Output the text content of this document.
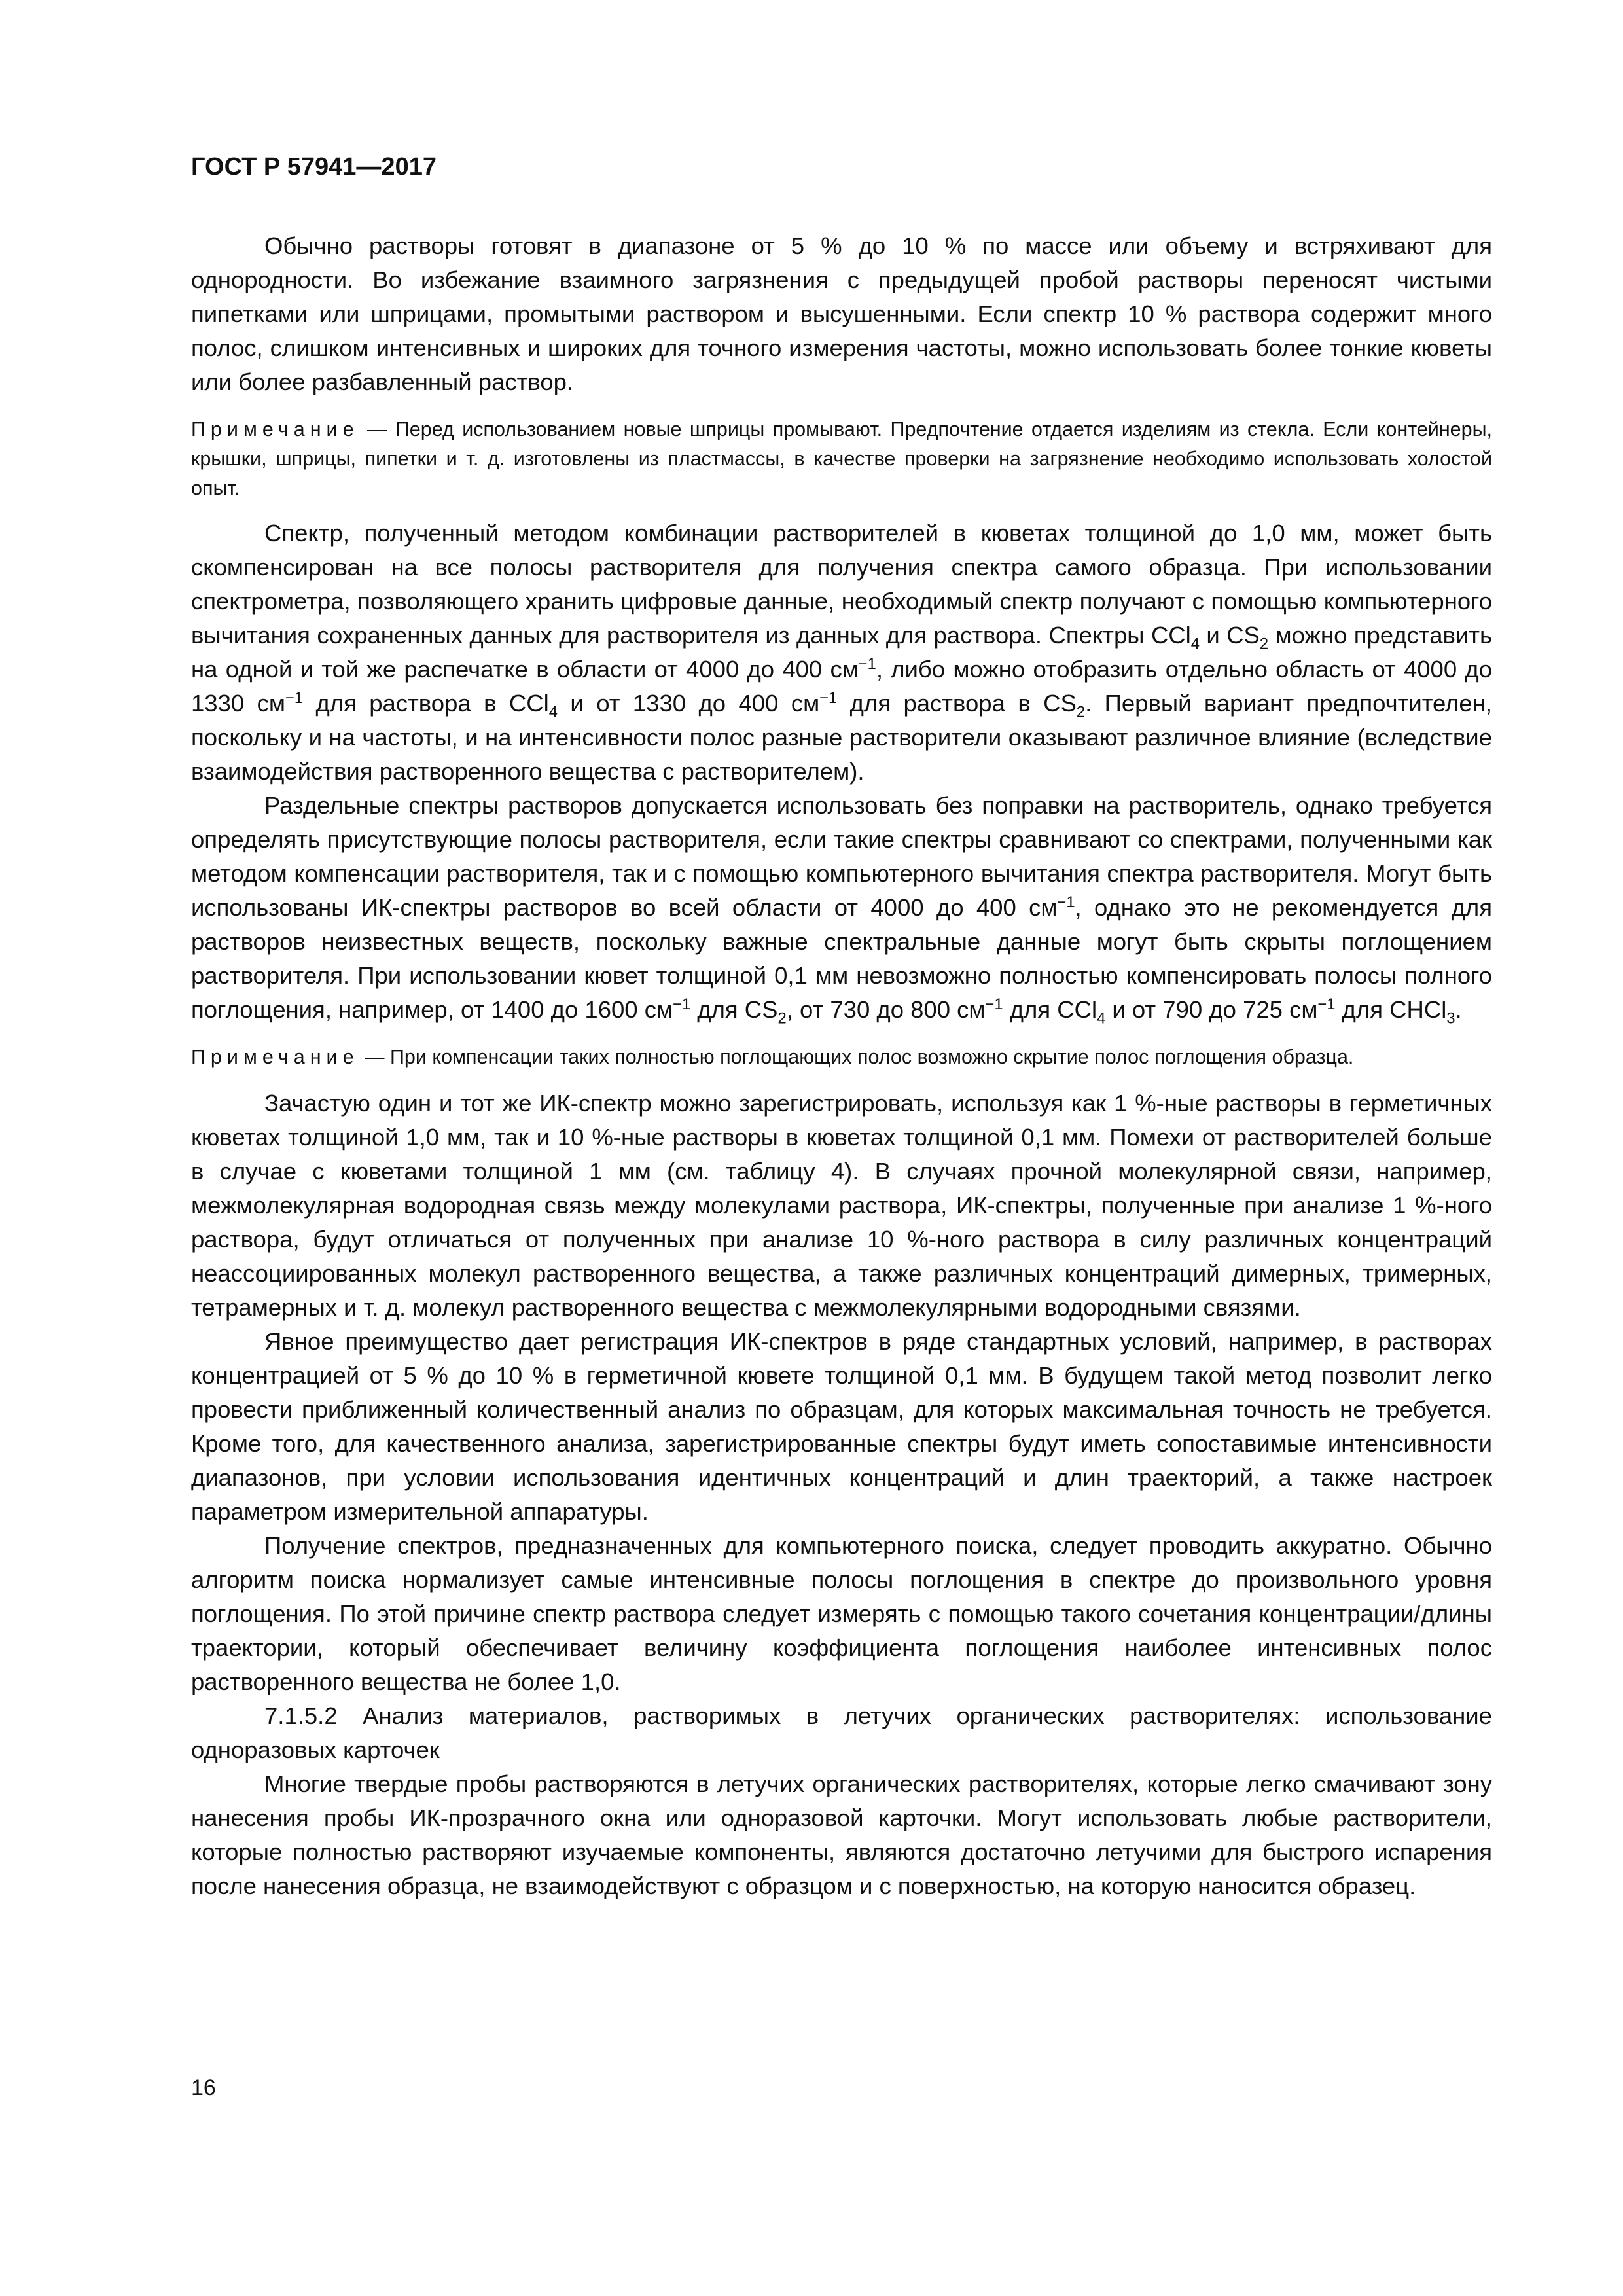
ГОСТ Р 57941—2017

Обычно растворы готовят в диапазоне от 5 % до 10 % по массе или объему и встряхивают для однородности. Во избежание взаимного загрязнения с предыдущей пробой растворы переносят чистыми пипетками или шприцами, промытыми раствором и высушенными. Если спектр 10 % раствора содержит много полос, слишком интенсивных и широких для точного измерения частоты, можно использовать более тонкие кюветы или более разбавленный раствор.

Примечание — Перед использованием новые шприцы промывают. Предпочтение отдается изделиям из стекла. Если контейнеры, крышки, шприцы, пипетки и т. д. изготовлены из пластмассы, в качестве проверки на загрязнение необходимо использовать холостой опыт.

Спектр, полученный методом комбинации растворителей в кюветах толщиной до 1,0 мм, может быть скомпенсирован на все полосы растворителя для получения спектра самого образца. При использовании спектрометра, позволяющего хранить цифровые данные, необходимый спектр получают с помощью компьютерного вычитания сохраненных данных для растворителя из данных для раствора. Спектры CCl$_4$ и $CS_2$ можно представить на одной и той же распечатке в области от 4000 до 400 $см^{-1}$, либо можно отобразить отдельно область от 4000 до 1330 $см^{-1}$ для раствора в CCl$_4$ и от 1330 до 400 $см^{-1}$ для раствора в $CS_2$. Первый вариант предпочтителен, поскольку и на частоты, и на интенсивности полос разные растворители оказывают различное влияние (вследствие взаимодействия растворенного вещества с растворителем).

Раздельные спектры растворов допускается использовать без поправки на растворитель, однако требуется определять присутствующие полосы растворителя, если такие спектры сравнивают со спектрами, полученными как методом компенсации растворителя, так и с помощью компьютерного вычитания спектра растворителя. Могут быть использованы ИК-спектры растворов во всей области от 4000 до 400 $см^{-1}$, однако это не рекомендуется для растворов неизвестных веществ, поскольку важные спектральные данные могут быть скрыты поглощением растворителя. При использовании кювет толщиной 0,1 мм невозможно полностью компенсировать полосы полного поглощения, например, от 1400 до 1600 $см^{-1}$ для $CS_2$, от 730 до 800 $см^{-1}$ для CCl$_4$ и от 790 до 725 $см^{-1}$ для CHCl$_3$.

Примечание — При компенсации таких полностью поглощающих полос возможно скрытие полос поглощения образца.

Зачастую один и тот же ИК-спектр можно зарегистрировать, используя как 1 %-ные растворы в герметичных кюветах толщиной 1,0 мм, так и 10 %-ные растворы в кюветах толщиной 0,1 мм. Помехи от растворителей больше в случае с кюветами толщиной 1 мм (см. таблицу 4). В случаях прочной молекулярной связи, например, межмолекулярная водородная связь между молекулами раствора, ИК-спектры, полученные при анализе 1 %-ного раствора, будут отличаться от полученных при анализе 10 %-ного раствора в силу различных концентраций неассоциированных молекул растворенного вещества, а также различных концентраций димерных, тримерных, тетрамерных и т. д. молекул растворенного вещества с межмолекулярными водородными связями.

Явное преимущество дает регистрация ИК-спектров в ряде стандартных условий, например, в растворах концентрацией от 5 % до 10 % в герметичной кювете толщиной 0,1 мм. В будущем такой метод позволит легко провести приближенный количественный анализ по образцам, для которых максимальная точность не требуется. Кроме того, для качественного анализа, зарегистрированные спектры будут иметь сопоставимые интенсивности диапазонов, при условии использования идентичных концентраций и длин траекторий, а также настроек параметром измерительной аппаратуры.

Получение спектров, предназначенных для компьютерного поиска, следует проводить аккуратно. Обычно алгоритм поиска нормализует самые интенсивные полосы поглощения в спектре до произвольного уровня поглощения. По этой причине спектр раствора следует измерять с помощью такого сочетания концентрации/длины траектории, который обеспечивает величину коэффициента поглощения наиболее интенсивных полос растворенного вещества не более 1,0.

7.1.5.2 Анализ материалов, растворимых в летучих органических растворителях: использование одноразовых карточек

Многие твердые пробы растворяются в летучих органических растворителях, которые легко смачивают зону нанесения пробы ИК-прозрачного окна или одноразовой карточки. Могут использовать любые растворители, которые полностью растворяют изучаемые компоненты, являются достаточно летучими для быстрого испарения после нанесения образца, не взаимодействуют с образцом и с поверхностью, на которую наносится образец.

16
